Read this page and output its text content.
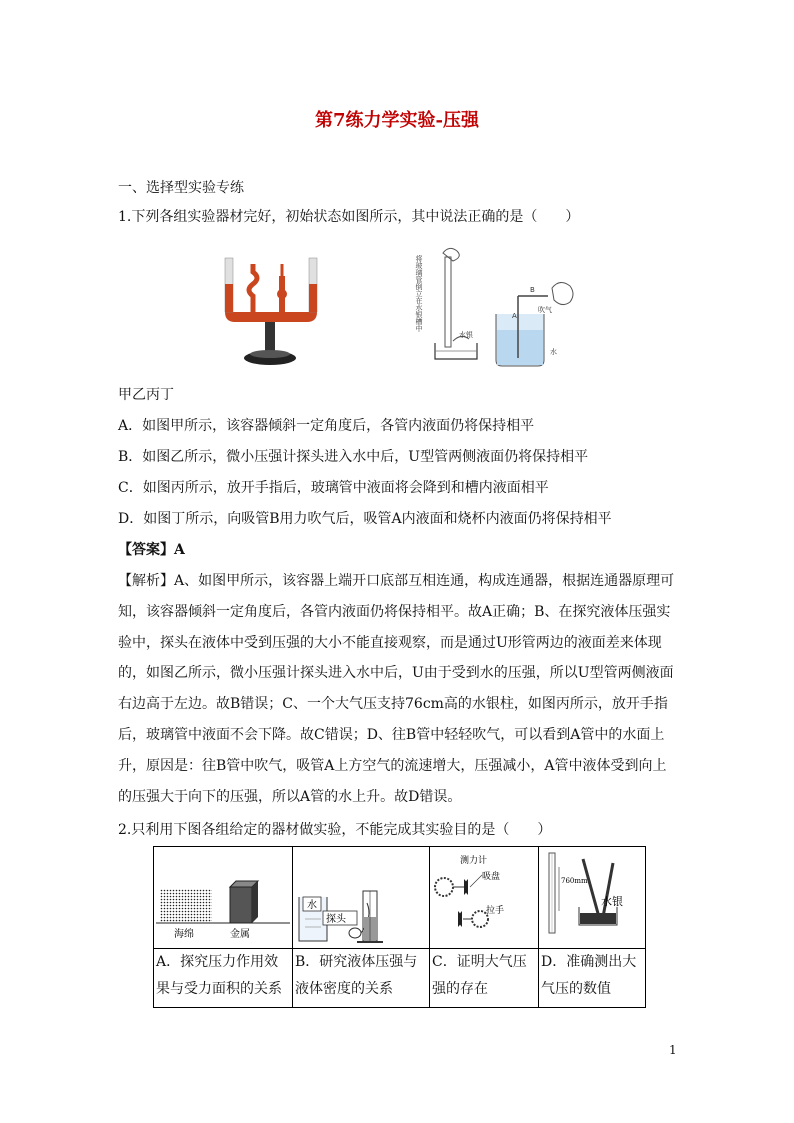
第7练力学实验-压强
一、选择型实验专练
1.下列各组实验器材完好，初始状态如图所示，其中说法正确的是（　　）
将玻璃管倒立在水银槽中
水银
A
B
吹气
水
甲乙丙丁
A．如图甲所示，该容器倾斜一定角度后，各管内液面仍将保持相平
B．如图乙所示，微小压强计探头进入水中后，U型管两侧液面仍将保持相平
C．如图丙所示，放开手指后，玻璃管中液面将会降到和槽内液面相平
D．如图丁所示，向吸管B用力吹气后，吸管A内液面和烧杯内液面仍将保持相平
【答案】A
【解析】A、如图甲所示，该容器上端开口底部互相连通，构成连通器，根据连通器原理可知，该容器倾斜一定角度后，各管内液面仍将保持相平。故A正确；B、在探究液体压强实验中，探头在液体中受到压强的大小不能直接观察，而是通过U形管两边的液面差来体现的，如图乙所示，微小压强计探头进入水中后，U由于受到水的压强，所以U型管两侧液面右边高于左边。故B错误；C、一个大气压支持76cm高的水银柱，如图丙所示，放开手指后，玻璃管中液面不会下降。故C错误；D、往B管中轻轻吹气，可以看到A管中的水面上升，原因是：往B管中吹气，吸管A上方空气的流速增大，压强减小，A管中液体受到向上的压强大于向下的压强，所以A管的水上升。故D错误。
2.只利用下图各组给定的器材做实验，不能完成其实验目的是（　　）
海绵 金属	水
探头	测力计
吸盘
拉手	760mm
水银

A．探究压力作用效果与受力面积的关系	B．研究液体压强与液体密度的关系	C．证明大气压强的存在	D．准确测出大气压的数值
1
